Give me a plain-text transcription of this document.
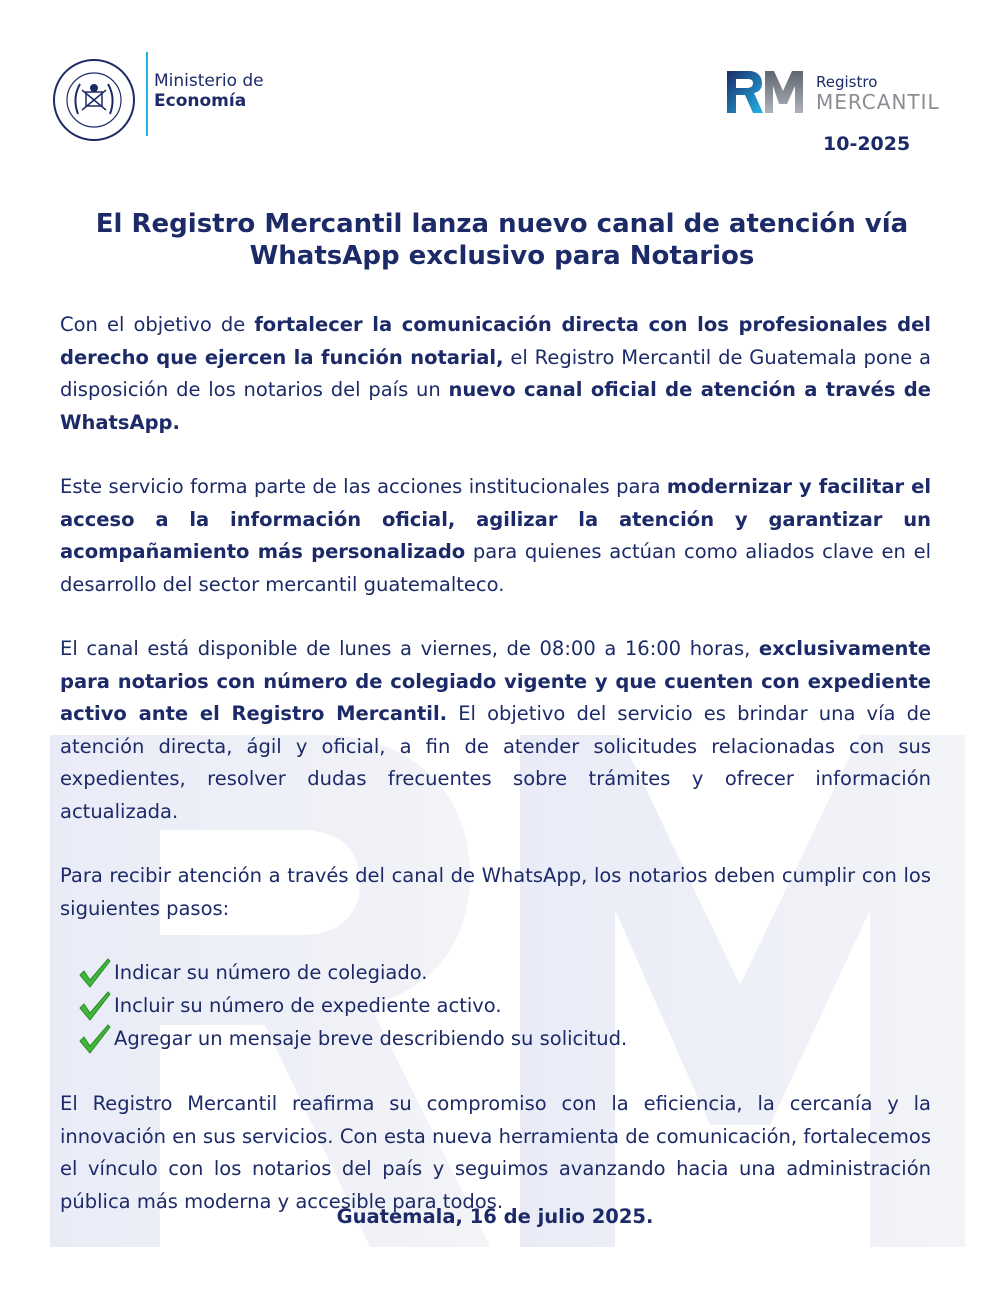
Ministerio de
Economía
Registro
MERCANTIL
10-2025
El Registro Mercantil lanza nuevo canal de atención vía
WhatsApp exclusivo para Notarios

Con el objetivo de fortalecer la comunicación directa con los profesionales del derecho que ejercen la función notarial, el Registro Mercantil de Guatemala pone a disposición de los notarios del país un nuevo canal oficial de atención a través de WhatsApp.

Este servicio forma parte de las acciones institucionales para modernizar y facilitar el acceso a la información oficial, agilizar la atención y garantizar un acompañamiento más personalizado para quienes actúan como aliados clave en el desarrollo del sector mercantil guatemalteco.

El canal está disponible de lunes a viernes, de 08:00 a 16:00 horas, exclusivamente para notarios con número de colegiado vigente y que cuenten con expediente activo ante el Registro Mercantil. El objetivo del servicio es brindar una vía de atención directa, ágil y oficial, a fin de atender solicitudes relacionadas con sus expedientes, resolver dudas frecuentes sobre trámites y ofrecer información actualizada.

Para recibir atención a través del canal de WhatsApp, los notarios deben cumplir con los siguientes pasos:

Indicar su número de colegiado.
Incluir su número de expediente activo.
Agregar un mensaje breve describiendo su solicitud.

El Registro Mercantil reafirma su compromiso con la eficiencia, la cercanía y la innovación en sus servicios. Con esta nueva herramienta de comunicación, fortalecemos el vínculo con los notarios del país y seguimos avanzando hacia una administración pública más moderna y accesible para todos.

Guatemala, 16 de julio 2025.
